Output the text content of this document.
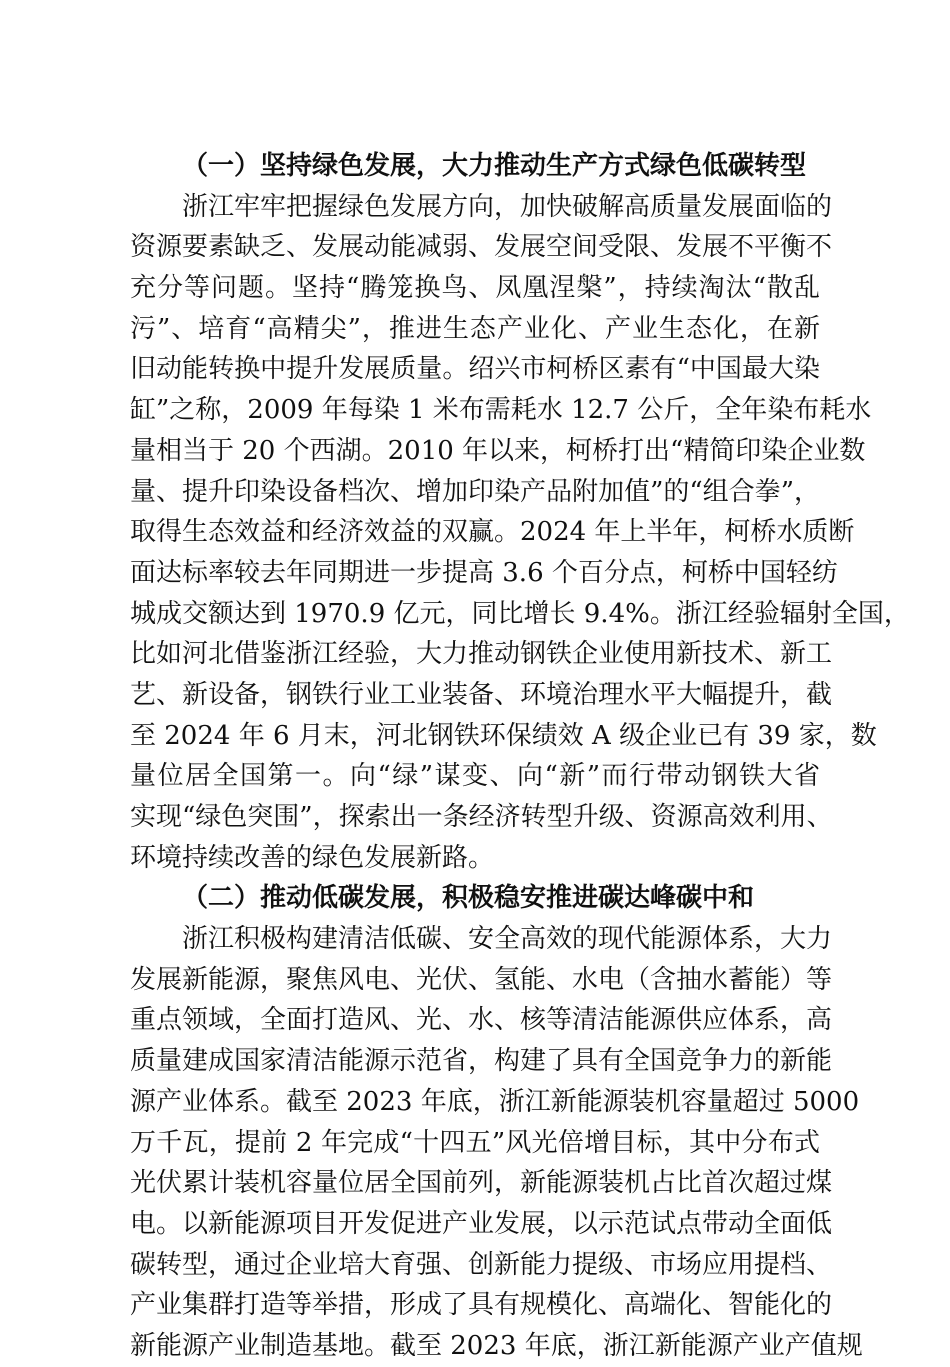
（一）坚持绿色发展，大力推动生产方式绿色低碳转型
浙江牢牢把握绿色发展方向，加快破解高质量发展面临的
资源要素缺乏、发展动能减弱、发展空间受限、发展不平衡不
充分等问题。坚持“腾笼换鸟、凤凰涅槃”，持续淘汰“散乱
污”、培育“高精尖”，推进生态产业化、产业生态化，在新
旧动能转换中提升发展质量。绍兴市柯桥区素有“中国最大染
缸”之称，2009 年每染 1 米布需耗水 12.7 公斤，全年染布耗水
量相当于 20 个西湖。2010 年以来，柯桥打出“精简印染企业数
量、提升印染设备档次、增加印染产品附加值”的“组合拳”，
取得生态效益和经济效益的双赢。2024 年上半年，柯桥水质断
面达标率较去年同期进一步提高 3.6 个百分点，柯桥中国轻纺
城成交额达到 1970.9 亿元，同比增长 9.4%。浙江经验辐射全国，
比如河北借鉴浙江经验，大力推动钢铁企业使用新技术、新工
艺、新设备，钢铁行业工业装备、环境治理水平大幅提升，截
至 2024 年 6 月末，河北钢铁环保绩效 A 级企业已有 39 家，数
量位居全国第一。向“绿”谋变、向“新”而行带动钢铁大省
实现“绿色突围”，探索出一条经济转型升级、资源高效利用、
环境持续改善的绿色发展新路。
（二）推动低碳发展，积极稳安推进碳达峰碳中和
浙江积极构建清洁低碳、安全高效的现代能源体系，大力
发展新能源，聚焦风电、光伏、氢能、水电（含抽水蓄能）等
重点领域，全面打造风、光、水、核等清洁能源供应体系，高
质量建成国家清洁能源示范省，构建了具有全国竞争力的新能
源产业体系。截至 2023 年底，浙江新能源装机容量超过 5000
万千瓦，提前 2 年完成“十四五”风光倍增目标，其中分布式
光伏累计装机容量位居全国前列，新能源装机占比首次超过煤
电。以新能源项目开发促进产业发展，以示范试点带动全面低
碳转型，通过企业培大育强、创新能力提级、市场应用提档、
产业集群打造等举措，形成了具有规模化、高端化、智能化的
新能源产业制造基地。截至 2023 年底，浙江新能源产业产值规
